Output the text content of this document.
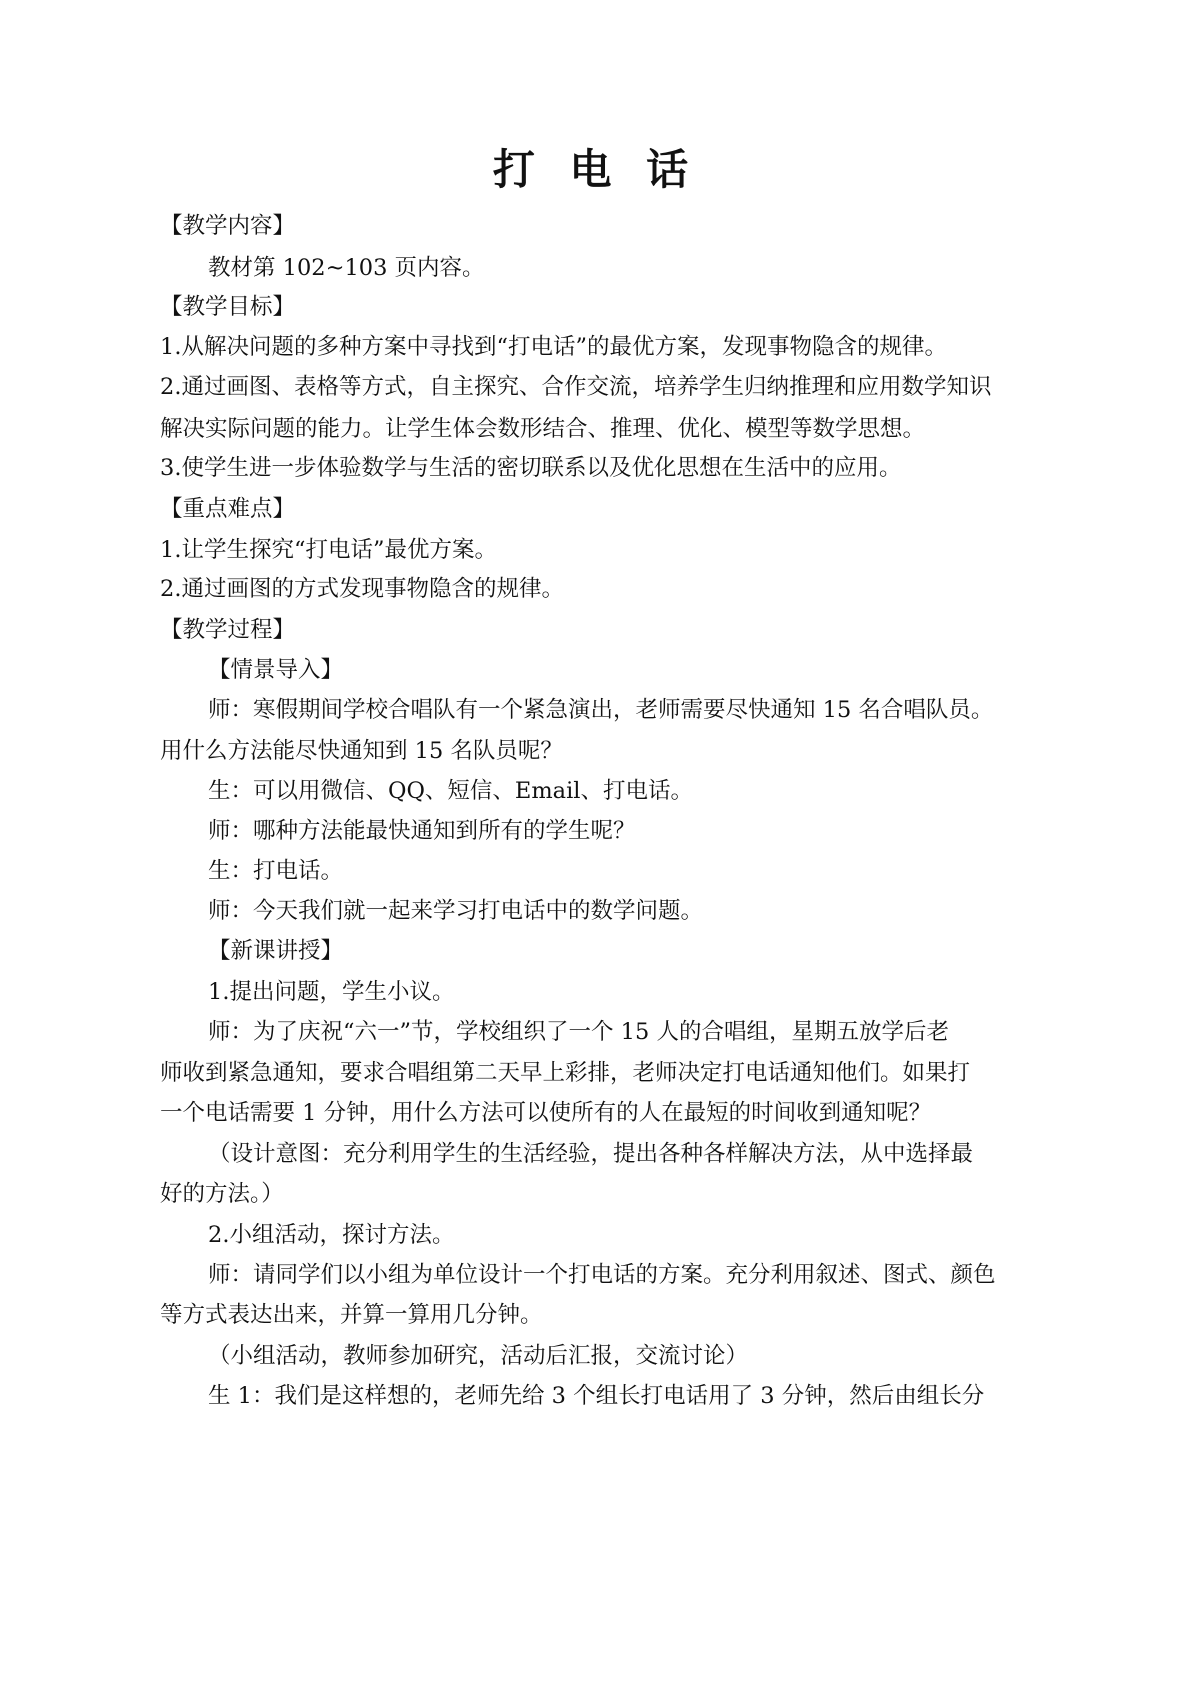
打 电 话
【教学内容】
教材第 102~103 页内容。
【教学目标】
1.从解决问题的多种方案中寻找到“打电话”的最优方案，发现事物隐含的规律。
2.通过画图、表格等方式，自主探究、合作交流，培养学生归纳推理和应用数学知识
解决实际问题的能力。让学生体会数形结合、推理、优化、模型等数学思想。
3.使学生进一步体验数学与生活的密切联系以及优化思想在生活中的应用。
【重点难点】
1.让学生探究“打电话”最优方案。
2.通过画图的方式发现事物隐含的规律。
【教学过程】
【情景导入】
师：寒假期间学校合唱队有一个紧急演出，老师需要尽快通知 15 名合唱队员。
用什么方法能尽快通知到 15 名队员呢？
生：可以用微信、QQ、短信、Email、打电话。
师：哪种方法能最快通知到所有的学生呢？
生：打电话。
师：今天我们就一起来学习打电话中的数学问题。
【新课讲授】
1.提出问题，学生小议。
师：为了庆祝“六一”节，学校组织了一个 15 人的合唱组，星期五放学后老
师收到紧急通知，要求合唱组第二天早上彩排，老师决定打电话通知他们。如果打
一个电话需要 1 分钟，用什么方法可以使所有的人在最短的时间收到通知呢？
（设计意图：充分利用学生的生活经验，提出各种各样解决方法，从中选择最
好的方法。）
2.小组活动，探讨方法。
师：请同学们以小组为单位设计一个打电话的方案。充分利用叙述、图式、颜色
等方式表达出来，并算一算用几分钟。
（小组活动，教师参加研究，活动后汇报，交流讨论）
生 1：我们是这样想的，老师先给 3 个组长打电话用了 3 分钟，然后由组长分
